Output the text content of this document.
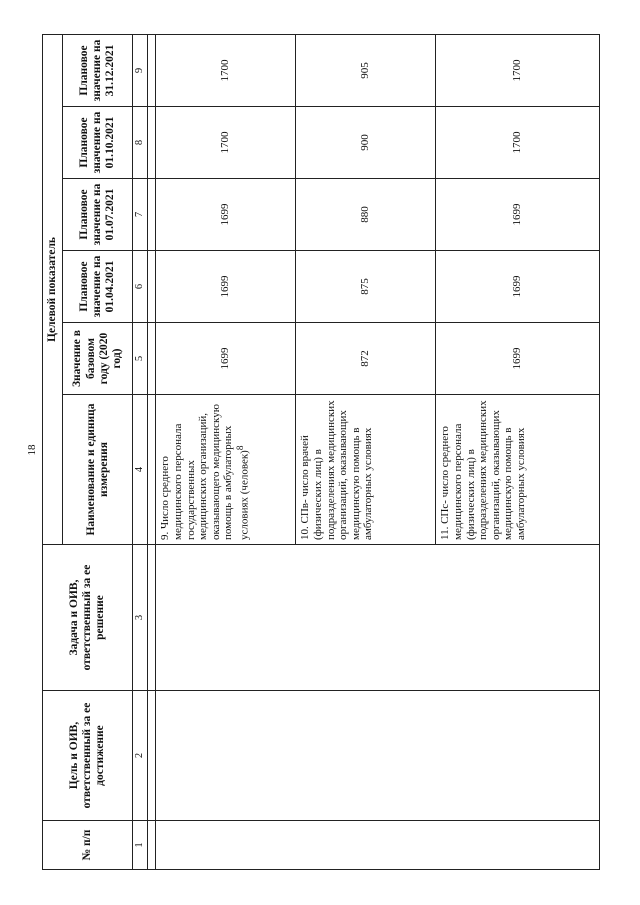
18
№ п/п	Цель и ОИВ, ответственный за ее достижение	Задача и ОИВ, ответственный за ее решение	Целевой показатель					
			Наименование и единица измерения	Значение в базовом году (2020 год)	Плановое значение на 01.04.2021	Плановое значение на 01.07.2021	Плановое значение на 01.10.2021	Плановое значение на 31.12.2021
1	2	3	4	5	6	7	8	9

			9. Число среднего медицинского персонала государственных медицинских организаций, оказывающего медицинскую помощь в амбулаторных условиях (человек)$^8$	1699	1699	1699	1700	1700
			10. СПв- число врачей (физических лиц) в подразделениях медицинских организаций, оказывающих медицинскую помощь в амбулаторных условиях	872	875	880	900	905
			11. СПс- число среднего медицинского персонала (физических лиц) в подразделениях медицинских организаций, оказывающих медицинскую помощь в амбулаторных условиях	1699	1699	1699	1700	1700
